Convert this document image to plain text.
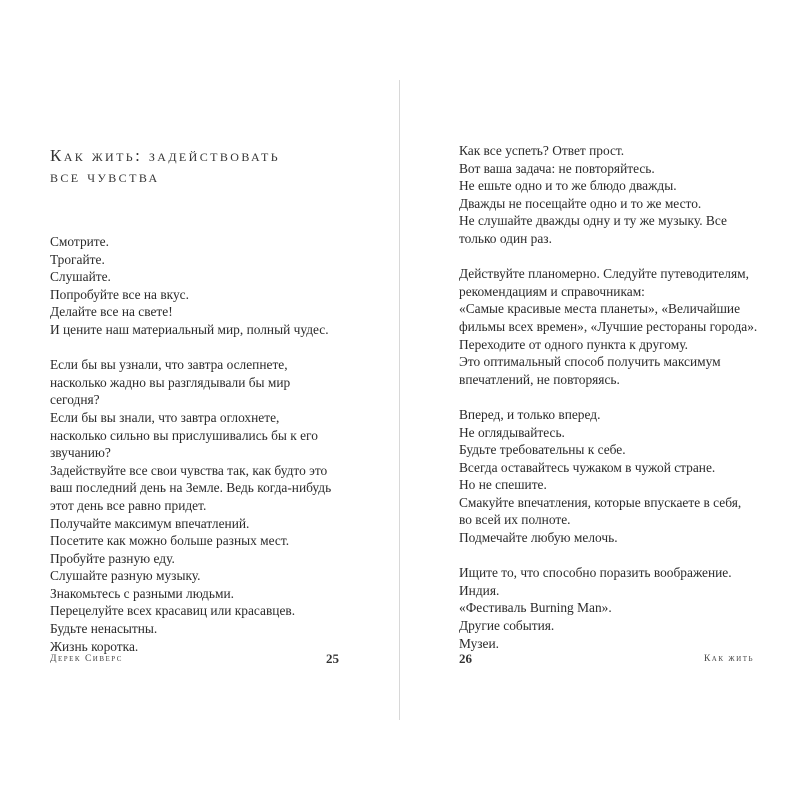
Как жить: задействовать
все чувства
Смотрите.
Трогайте.
Слушайте.
Попробуйте все на вкус.
Делайте все на свете!
И цените наш материальный мир, полный чудес.
Если бы вы узнали, что завтра ослепнете,
насколько жадно вы разглядывали бы мир
сегодня?
Если бы вы знали, что завтра оглохнете,
насколько сильно вы прислушивались бы к его
звучанию?
Задействуйте все свои чувства так, как будто это
ваш последний день на Земле. Ведь когда-нибудь
этот день все равно придет.
Получайте максимум впечатлений.
Посетите как можно больше разных мест.
Пробуйте разную еду.
Слушайте разную музыку.
Знакомьтесь с разными людьми.
Перецелуйте всех красавиц или красавцев.
Будьте ненасытны.
Жизнь коротка.
Дерек Сиверс	25
Как все успеть? Ответ прост.
Вот ваша задача: не повторяйтесь.
Не ешьте одно и то же блюдо дважды.
Дважды не посещайте одно и то же место.
Не слушайте дважды одну и ту же музыку. Все
только один раз.
Действуйте планомерно. Следуйте путеводителям,
рекомендациям и справочникам:
«Самые красивые места планеты», «Величайшие
фильмы всех времен», «Лучшие рестораны города».
Переходите от одного пункта к другому.
Это оптимальный способ получить максимум
впечатлений, не повторяясь.
Вперед, и только вперед.
Не оглядывайтесь.
Будьте требовательны к себе.
Всегда оставайтесь чужаком в чужой стране.
Но не спешите.
Смакуйте впечатления, которые впускаете в себя,
во всей их полноте.
Подмечайте любую мелочь.
Ищите то, что способно поразить воображение.
Индия.
«Фестиваль Burning Man».
Другие события.
Музеи.
26	Как жить
